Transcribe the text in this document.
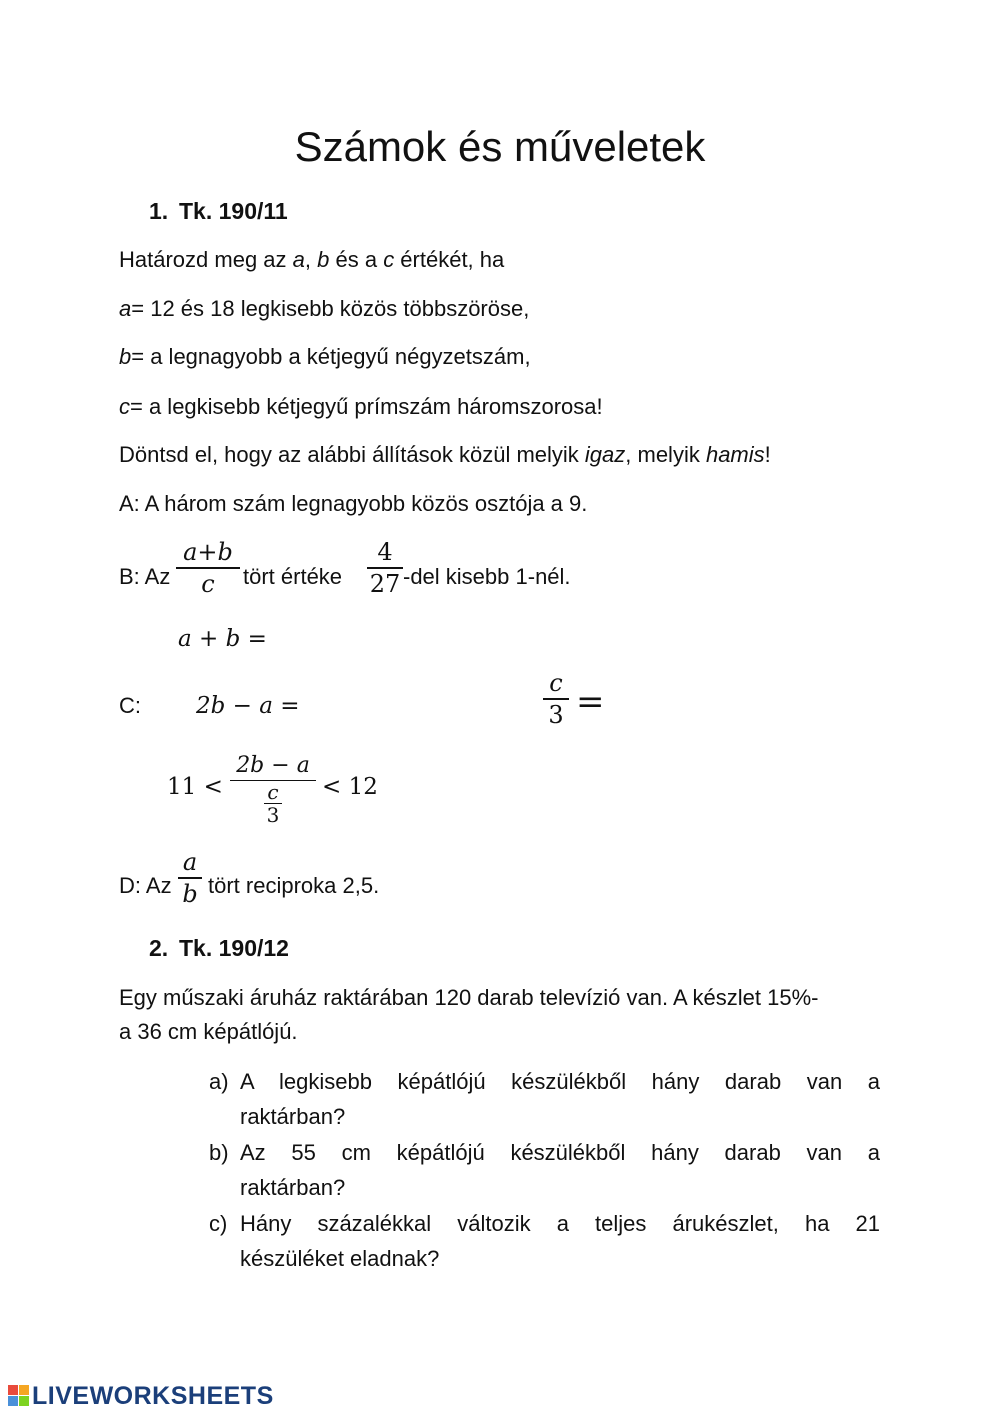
Számok és műveletek
1. Tk. 190/11
Határozd meg az a, b és a c értékét, ha
a= 12 és 18 legkisebb közös többszöröse,
b= a legnagyobb a kétjegyű négyzetszám,
c= a legkisebb kétjegyű prímszám háromszorosa!
Döntsd el, hogy az alábbi állítások közül melyik igaz, melyik hamis!
A: A három szám legnagyobb közös osztója a 9.
B: Az
a+b
c	tört értéke
4
27 -del kisebb 1-nél.
a + b =
C: 2b − a =
c
3 =
11 <
2b − a
c
3
< 12
D: Az
a
b tört reciproka 2,5.
2. Tk. 190/12
Egy műszaki áruház raktárában 120 darab televízió van. A készlet 15%-
a 36 cm képátlójú.
a) A legkisebb képátlójú készülékből hány darab van a
raktárban?
b) Az 55 cm képátlójú készülékből hány darab van a
raktárban?
c) Hány százalékkal változik a teljes árukészlet, ha 21
készüléket eladnak?
LIVEWORKSHEETS
